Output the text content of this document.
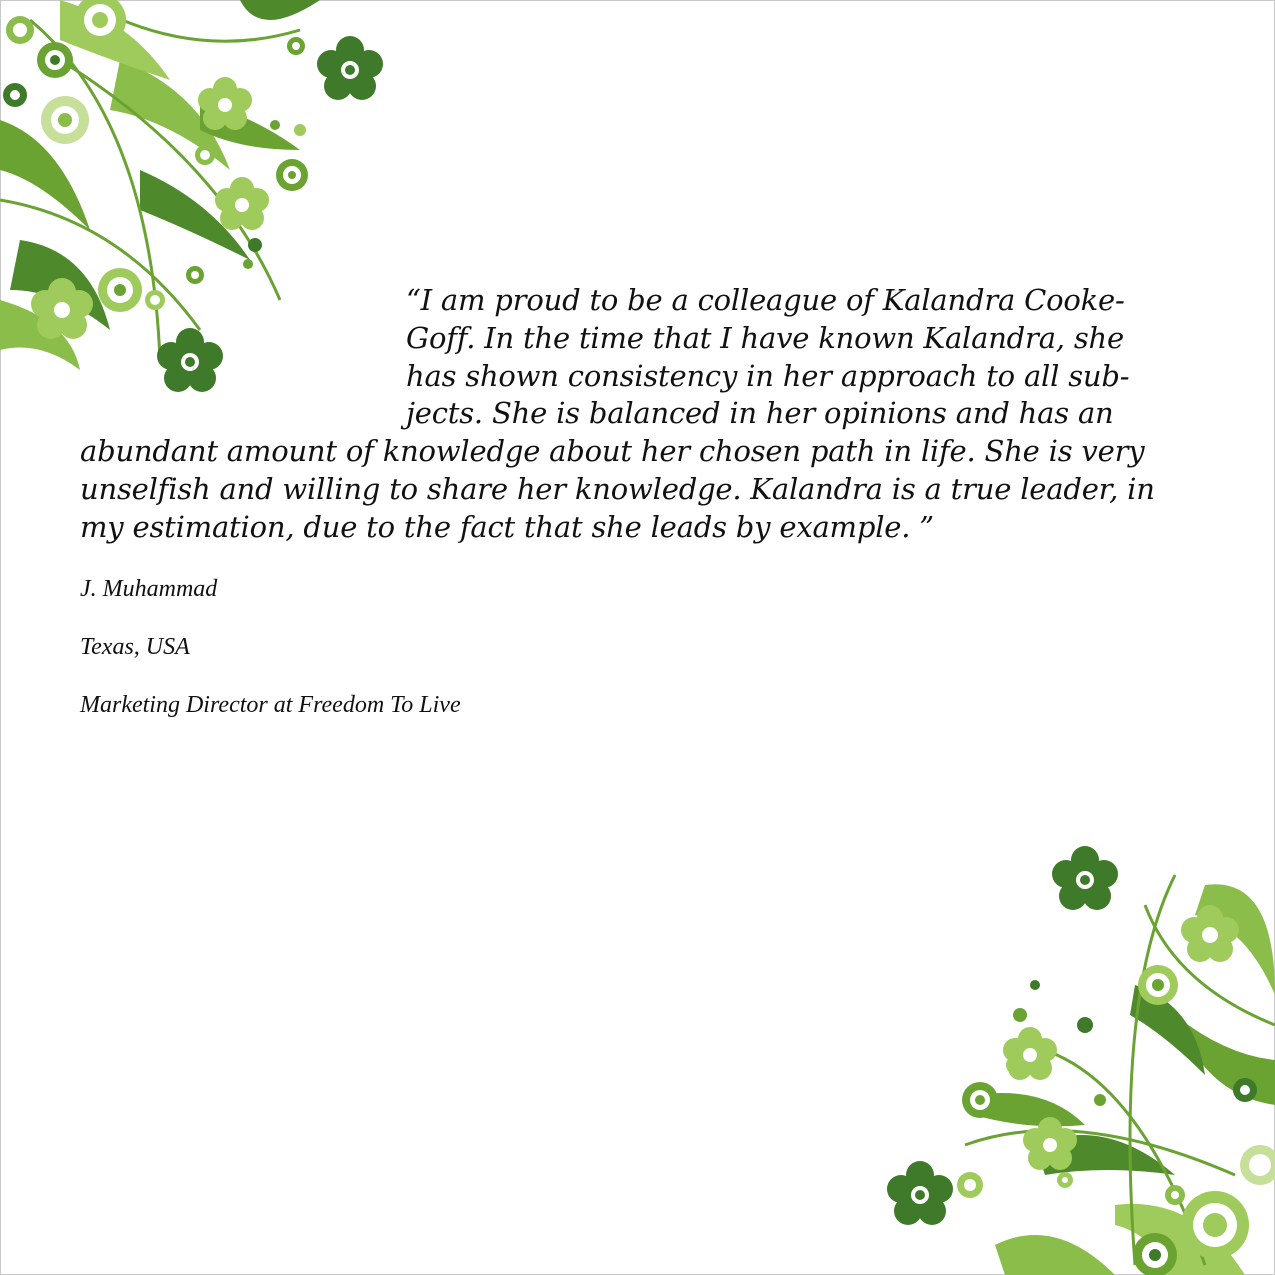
“I am proud to be a colleague of Kalandra Cooke-
Goff. In the time that I have known Kalandra, she
has shown consistency in her approach to all sub-
jects. She is balanced in her opinions and has an
abundant amount of knowledge about her chosen path in life. She is very
unselfish and willing to share her knowledge. Kalandra is a true leader, in
my estimation, due to the fact that she leads by example. ”

J. Muhammad

Texas, USA

Marketing Director at Freedom To Live
